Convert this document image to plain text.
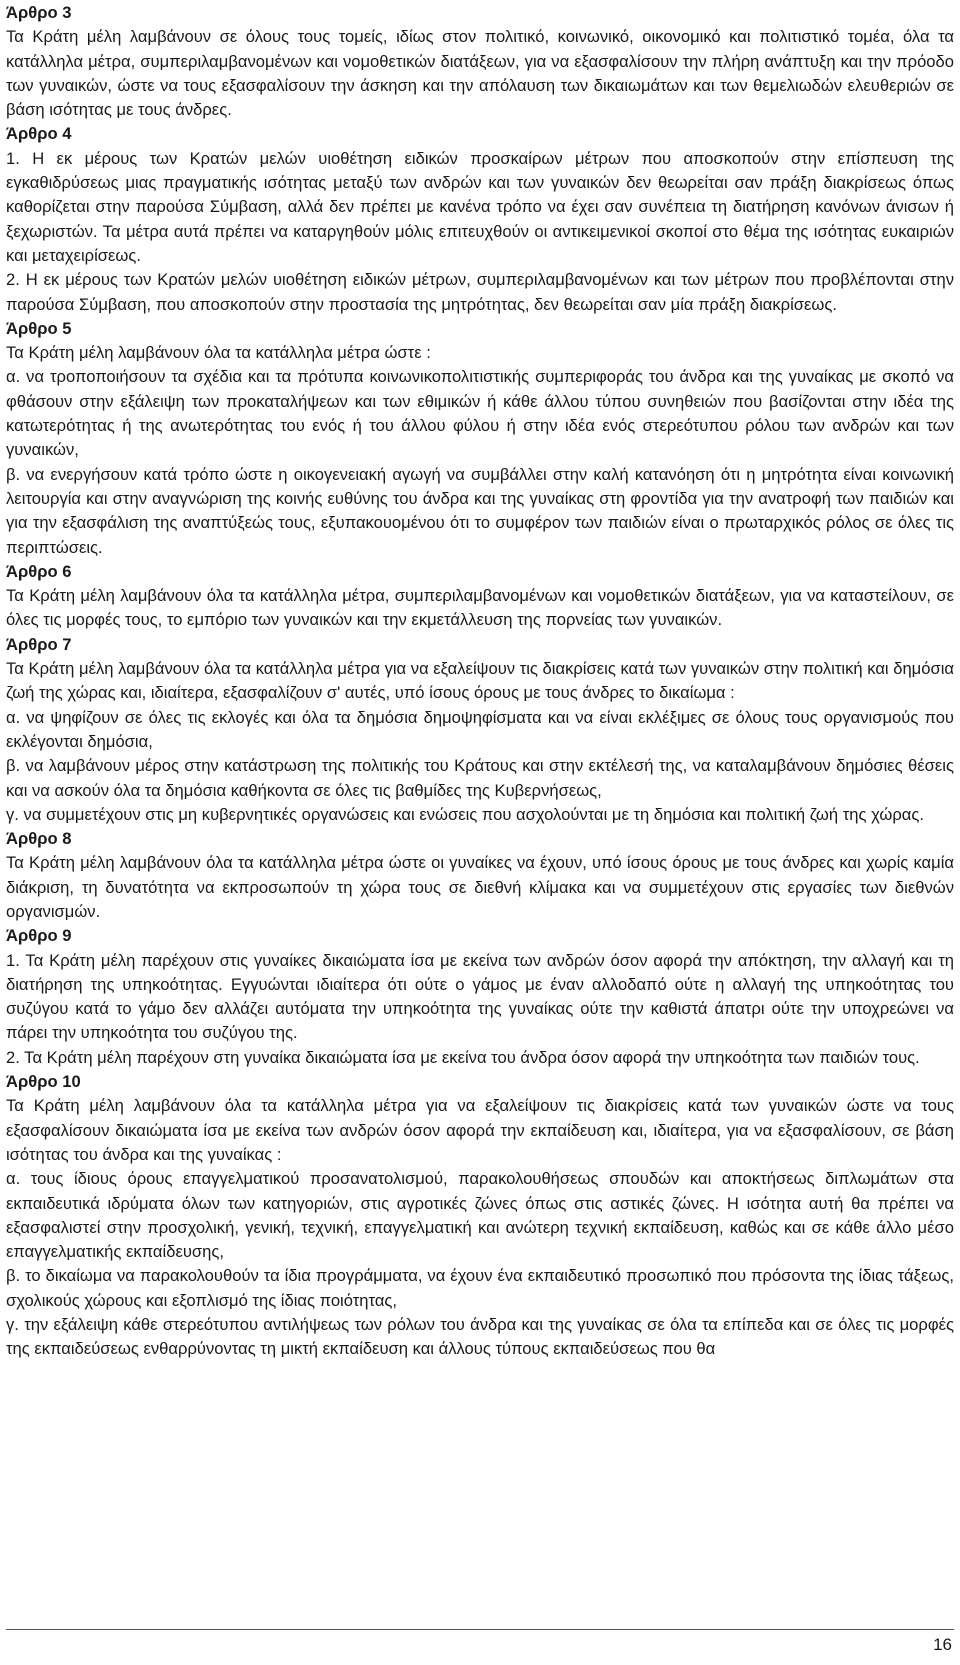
Άρθρο 3

Τα Κράτη μέλη λαμβάνουν σε όλους τους τομείς, ιδίως στον πολιτικό, κοινωνικό, οικονομικό και πολιτιστικό τομέα, όλα τα κατάλληλα μέτρα, συμπεριλαμβανομένων και νομοθετικών διατάξεων, για να εξασφαλίσουν την πλήρη ανάπτυξη και την πρόοδο των γυναικών, ώστε να τους εξασφαλίσουν την άσκηση και την απόλαυση των δικαιωμάτων και των θεμελιωδών ελευθεριών σε βάση ισότητας με τους άνδρες.

Άρθρο 4

1. Η εκ μέρους των Κρατών μελών υιοθέτηση ειδικών προσκαίρων μέτρων που αποσκοπούν στην επίσπευση της εγκαθιδρύσεως μιας πραγματικής ισότητας μεταξύ των ανδρών και των γυναικών δεν θεωρείται σαν πράξη διακρίσεως όπως καθορίζεται στην παρούσα Σύμβαση, αλλά δεν πρέπει με κανένα τρόπο να έχει σαν συνέπεια τη διατήρηση κανόνων άνισων ή ξεχωριστών. Τα μέτρα αυτά πρέπει να καταργηθούν μόλις επιτευχθούν οι αντικειμενικοί σκοποί στο θέμα της ισότητας ευκαιριών και μεταχειρίσεως.

2. Η εκ μέρους των Κρατών μελών υιοθέτηση ειδικών μέτρων, συμπεριλαμβανομένων και των μέτρων που προβλέπονται στην παρούσα Σύμβαση, που αποσκοπούν στην προστασία της μητρότητας, δεν θεωρείται σαν μία πράξη διακρίσεως.

Άρθρο 5

Τα Κράτη μέλη λαμβάνουν όλα τα κατάλληλα μέτρα ώστε :

α. να τροποποιήσουν τα σχέδια και τα πρότυπα κοινωνικοπολιτιστικής συμπεριφοράς του άνδρα και της γυναίκας με σκοπό να φθάσουν στην εξάλειψη των προκαταλήψεων και των εθιμικών ή κάθε άλλου τύπου συνηθειών που βασίζονται στην ιδέα της κατωτερότητας ή της ανωτερότητας του ενός ή του άλλου φύλου ή στην ιδέα ενός στερεότυπου ρόλου των ανδρών και των γυναικών,

β. να ενεργήσουν κατά τρόπο ώστε η οικογενειακή αγωγή να συμβάλλει στην καλή κατανόηση ότι η μητρότητα είναι κοινωνική λειτουργία και στην αναγνώριση της κοινής ευθύνης του άνδρα και της γυναίκας στη φροντίδα για την ανατροφή των παιδιών και για την εξασφάλιση της αναπτύξεώς τους, εξυπακουομένου ότι το συμφέρον των παιδιών είναι ο πρωταρχικός ρόλος σε όλες τις περιπτώσεις.

Άρθρο 6

Τα Κράτη μέλη λαμβάνουν όλα τα κατάλληλα μέτρα, συμπεριλαμβανομένων και νομοθετικών διατάξεων, για να καταστείλουν, σε όλες τις μορφές τους, το εμπόριο των γυναικών και την εκμετάλλευση της πορνείας των γυναικών.

Άρθρο 7

Τα Κράτη μέλη λαμβάνουν όλα τα κατάλληλα μέτρα για να εξαλείψουν τις διακρίσεις κατά των γυναικών στην πολιτική και δημόσια ζωή της χώρας και, ιδιαίτερα, εξασφαλίζουν σ' αυτές, υπό ίσους όρους με τους άνδρες το δικαίωμα :

α. να ψηφίζουν σε όλες τις εκλογές και όλα τα δημόσια δημοψηφίσματα και να είναι εκλέξιμες σε όλους τους οργανισμούς που εκλέγονται δημόσια,

β. να λαμβάνουν μέρος στην κατάστρωση της πολιτικής του Κράτους και στην εκτέλεσή της, να καταλαμβάνουν δημόσιες θέσεις και να ασκούν όλα τα δημόσια καθήκοντα σε όλες τις βαθμίδες της Κυβερνήσεως,

γ. να συμμετέχουν στις μη κυβερνητικές οργανώσεις και ενώσεις που ασχολούνται με τη δημόσια και πολιτική ζωή της χώρας.

Άρθρο 8

Τα Κράτη μέλη λαμβάνουν όλα τα κατάλληλα μέτρα ώστε οι γυναίκες να έχουν, υπό ίσους όρους με τους άνδρες και χωρίς καμία διάκριση, τη δυνατότητα να εκπροσωπούν τη χώρα τους σε διεθνή κλίμακα και να συμμετέχουν στις εργασίες των διεθνών οργανισμών.

Άρθρο 9

1. Τα Κράτη μέλη παρέχουν στις γυναίκες δικαιώματα ίσα με εκείνα των ανδρών όσον αφορά την απόκτηση, την αλλαγή και τη διατήρηση της υπηκοότητας. Εγγυώνται ιδιαίτερα ότι ούτε ο γάμος με έναν αλλοδαπό ούτε η αλλαγή της υπηκοότητας του συζύγου κατά το γάμο δεν αλλάζει αυτόματα την υπηκοότητα της γυναίκας ούτε την καθιστά άπατρι ούτε την υποχρεώνει να πάρει την υπηκοότητα του συζύγου της.

2. Τα Κράτη μέλη παρέχουν στη γυναίκα δικαιώματα ίσα με εκείνα του άνδρα όσον αφορά την υπηκοότητα των παιδιών τους.

Άρθρο 10

Τα Κράτη μέλη λαμβάνουν όλα τα κατάλληλα μέτρα για να εξαλείψουν τις διακρίσεις κατά των γυναικών ώστε να τους εξασφαλίσουν δικαιώματα ίσα με εκείνα των ανδρών όσον αφορά την εκπαίδευση και, ιδιαίτερα, για να εξασφαλίσουν, σε βάση ισότητας του άνδρα και της γυναίκας :

α. τους ίδιους όρους επαγγελματικού προσανατολισμού, παρακολουθήσεως σπουδών και αποκτήσεως διπλωμάτων στα εκπαιδευτικά ιδρύματα όλων των κατηγοριών, στις αγροτικές ζώνες όπως στις αστικές ζώνες. Η ισότητα αυτή θα πρέπει να εξασφαλιστεί στην προσχολική, γενική, τεχνική, επαγγελματική και ανώτερη τεχνική εκπαίδευση, καθώς και σε κάθε άλλο μέσο επαγγελματικής εκπαίδευσης,

β. το δικαίωμα να παρακολουθούν τα ίδια προγράμματα, να έχουν ένα εκπαιδευτικό προσωπικό που πρόσοντα της ίδιας τάξεως, σχολικούς χώρους και εξοπλισμό της ίδιας ποιότητας,

γ. την εξάλειψη κάθε στερεότυπου αντιλήψεως των ρόλων του άνδρα και της γυναίκας σε όλα τα επίπεδα και σε όλες τις μορφές της εκπαιδεύσεως ενθαρρύνοντας τη μικτή εκπαίδευση και άλλους τύπους εκπαιδεύσεως που θα

16
